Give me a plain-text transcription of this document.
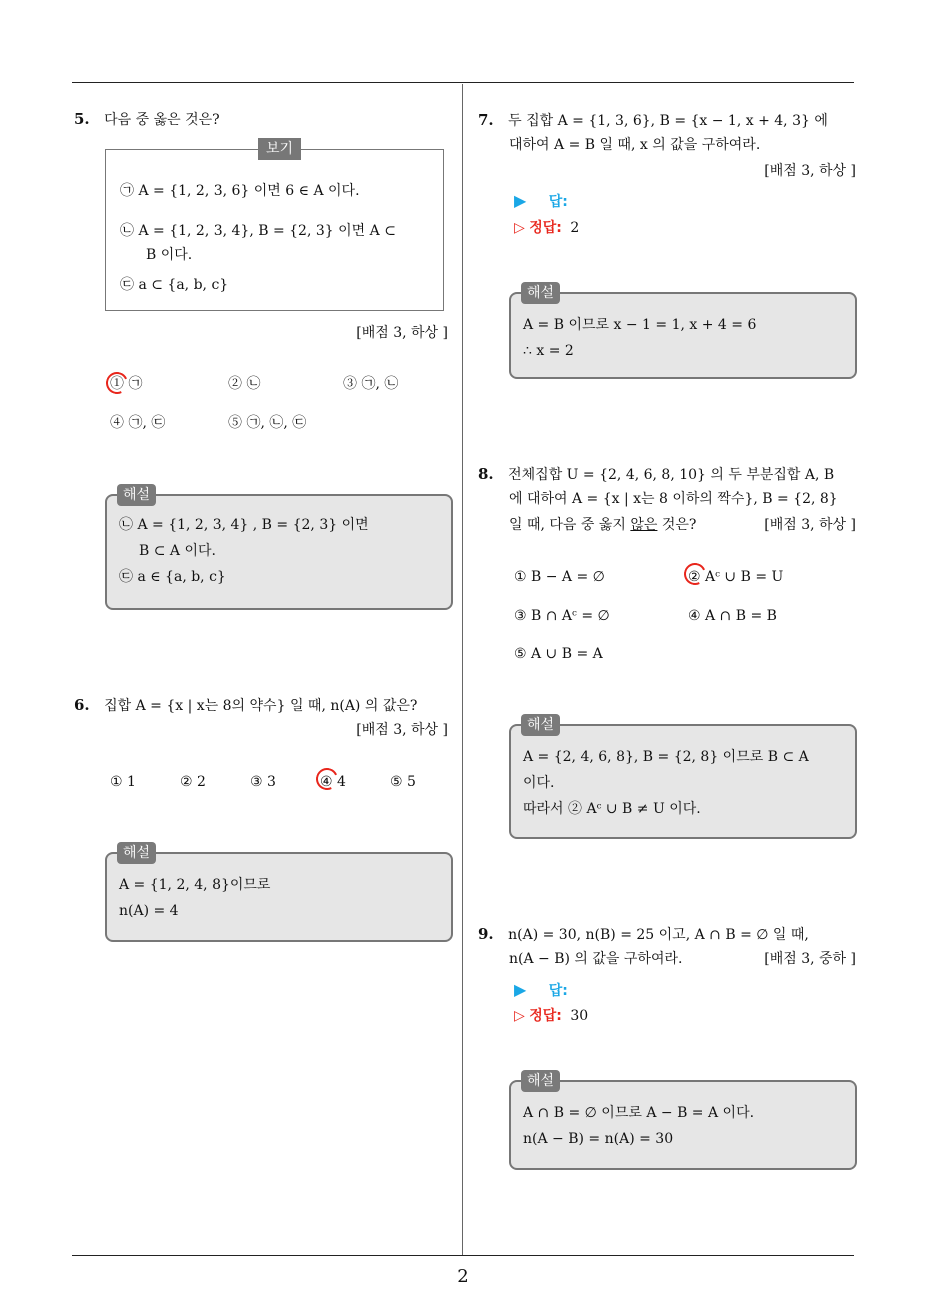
2
5. 다음 중 옳은 것은?
보기
㉠ A = {1, 2, 3, 6} 이면 6 ∈ A 이다.
㉡ A = {1, 2, 3, 4}, B = {2, 3} 이면 A ⊂
B 이다.
㉢ a ⊂ {a, b, c}
[배점 3, 하상 ]
① ㉠	② ㉡	③ ㉠, ㉡
④ ㉠, ㉢	⑤ ㉠, ㉡, ㉢
해설
㉡ A = {1, 2, 3, 4} , B = {2, 3} 이면
B ⊂ A 이다.
㉢ a ∈ {a, b, c}
6. 집합 A = {x | x는 8의 약수} 일 때, n(A) 의 값은?
[배점 3, 하상 ]
① 1	② 2	③ 3	④ 4	⑤ 5
해설
A = {1, 2, 4, 8}이므로
n(A) = 4
7. 두 집합 A = {1, 3, 6}, B = {x − 1, x + 4, 3} 에
대하여 A = B 일 때, x 의 값을 구하여라.
[배점 3, 하상 ]
▶ 답:
▷ 정답: 2
해설
A = B 이므로 x − 1 = 1, x + 4 = 6
∴ x = 2
8. 전체집합 U = {2, 4, 6, 8, 10} 의 두 부분집합 A, B
에 대하여 A = {x | x는 8 이하의 짝수}, B = {2, 8}
일 때, 다음 중 옳지 않은 것은?	[배점 3, 하상 ]
① B − A = ∅	② Aᶜ ∪ B = U
③ B ∩ Aᶜ = ∅	④ A ∩ B = B
⑤ A ∪ B = A
해설
A = {2, 4, 6, 8}, B = {2, 8} 이므로 B ⊂ A
이다.
따라서 ② Aᶜ ∪ B ≠ U 이다.
9. n(A) = 30, n(B) = 25 이고, A ∩ B = ∅ 일 때,
n(A − B) 의 값을 구하여라.	[배점 3, 중하 ]
▶ 답:
▷ 정답: 30
해설
A ∩ B = ∅ 이므로 A − B = A 이다.
n(A − B) = n(A) = 30
